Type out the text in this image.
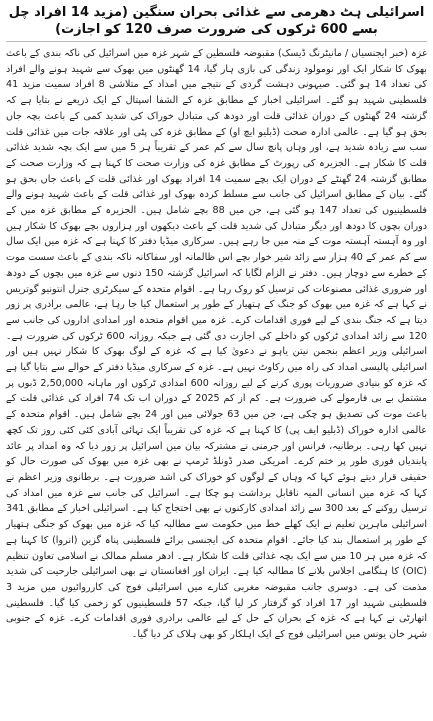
اسرائیلی ہٹ دھرمی سے غذائی بحران سنگین (مزید 14 افراد چل بسے 600 ٹرکوں کی ضرورت صرف 120 کو اجازت)

غزہ (خبر ایجنسیاں / مانیٹرنگ ڈیسک) مقبوضہ فلسطین کے شہر غزہ میں اسرائیل کی ناکہ بندی کے باعث بھوک کا شکار ایک اور نومولود زندگی کی بازی ہار گیا، 14 گھنٹوں میں بھوک سے شہید ہونے والے افراد کی تعداد 14 ہو گئی۔ صیہونی دہشت گردی کے نتیجے میں امداد کے متلاشی 8 افراد سمیت مزید 41 فلسطینی شہید ہو گئے۔ اسرائیلی اخبار کے مطابق غزہ کے الشفا اسپتال کے ایک ذریعے نے بتایا ہے کہ گزشتہ 24 گھنٹوں کے دوران غذائی قلت اور دودھ کی متبادل خوراک کی شدید کمی کے باعث بچہ جاں بحق ہو گیا ہے۔ عالمی ادارہ صحت (ڈبلیو ایچ او) کے مطابق غزہ کی پٹی اور علاقہ جات میں غذائی قلت سب سے زیادہ شدید ہے، اور وہاں پانچ سال سے کم عمر کے تقریباً ہر 5 میں سے ایک بچہ شدید غذائی قلت کا شکار ہے۔ الجزیرہ کی رپورٹ کے مطابق غزہ کی وزارت صحت کا کہنا ہے کہ وزارت صحت کے مطابق گزشتہ 24 گھنٹے کے دوران ایک بچے سمیت 14 افراد بھوک اور غذائی قلت کے باعث جاں بحق ہو گئے۔ بیان کے مطابق اسرائیل کی جانب سے مسلط کردہ بھوک اور غذائی قلت کے باعث شہید ہونے والے فلسطینیوں کی تعداد 147 ہو گئی ہے، جن میں 88 بچے شامل ہیں۔ الجزیرہ کے مطابق غزہ میں کے دوران بچوں کا دودھ اور دیگر متبادل کی شدید قلت کے باعث دیکھوں اور ہزاروں بچے بھوک کا شکار ہیں اور وہ آہستہ آہستہ موت کے منہ میں جا رہے ہیں۔ سرکاری میڈیا دفتر کا کہنا ہے کہ غزہ میں ایک سال سے کم عمر کے 40 ہزار سے زائد شیر خوار بچے اس ظالمانہ اور سفاکانہ ناکہ بندی کے باعث سست موت کے خطرے سے دوچار ہیں۔ دفتر نے الزام لگایا کہ اسرائیل گزشتہ 150 دنوں سے غزہ میں بچوں کے دودھ اور ضروری غذائی مصنوعات کی ترسیل کو روک رہا ہے۔ اقوام متحدہ کے سیکرٹری جنرل انتونیو گوتریس نے کہا ہے کہ غزہ میں بھوک کو جنگ کے ہتھیار کے طور پر استعمال کیا جا رہا ہے، عالمی برادری پر زور دیتا ہے کہ جنگ بندی کے لیے فوری اقدامات کرے۔ غزہ میں اقوام متحدہ اور امدادی اداروں کی جانب سے 120 سے زائد امدادی ٹرکوں کو داخلے کی اجازت دی گئی ہے جبکہ روزانہ 600 ٹرکوں کی ضرورت ہے۔ اسرائیلی وزیر اعظم بنجمن نیتن یاہو نے دعویٰ کیا ہے کہ غزہ کے لوگ بھوک کا شکار نہیں ہیں اور اسرائیلی پالیسی امداد کی راہ میں رکاوٹ نہیں ہے۔ غزہ کے سرکاری میڈیا دفتر کے حوالے سے بتایا گیا ہے کہ غزہ کو بنیادی ضروریات پوری کرنے کے لیے روزانہ 600 امدادی ٹرکوں اور ماہانہ 2,50,000 ڈبوں پر مشتمل بے بی فارمولے کی ضرورت ہے۔ کم از کم 2025 کے دوران اب تک 74 افراد کی غذائی قلت کے باعث موت کی تصدیق ہو چکی ہے، جن میں 63 جولائی میں اور 24 بچے شامل ہیں۔ اقوام متحدہ کے عالمی ادارہ خوراک (ڈبلیو ایف پی) کا کہنا ہے کہ غزہ کی تقریباً ایک تہائی آبادی کئی کئی روز تک کچھ نہیں کھا رہی۔ برطانیہ، فرانس اور جرمنی نے مشترکہ بیان میں اسرائیل پر زور دیا کہ وہ امداد پر عائد پابندیاں فوری طور پر ختم کرے۔ امریکی صدر ڈونلڈ ٹرمپ نے بھی غزہ میں بھوک کی صورت حال کو حقیقی قرار دیتے ہوئے کہا کہ وہاں کے لوگوں کو خوراک کی اشد ضرورت ہے۔ برطانوی وزیر اعظم نے کہا کہ غزہ میں انسانی المیہ ناقابل برداشت ہو چکا ہے۔ اسرائیل کی جانب سے غزہ میں امداد کی ترسیل روکنے کے بعد 300 سے زائد امدادی کارکنوں نے بھی احتجاج کیا ہے۔ اسرائیلی اخبار کے مطابق 341 اسرائیلی ماہرین تعلیم نے ایک کھلے خط میں حکومت سے مطالبہ کیا کہ غزہ میں بھوک کو جنگی ہتھیار کے طور پر استعمال بند کیا جائے۔ اقوام متحدہ کی ایجنسی برائے فلسطینی پناہ گزین (انروا) کا کہنا ہے کہ غزہ میں ہر 10 میں سے ایک بچہ غذائی قلت کا شکار ہے۔ ادھر مسلم ممالک نے اسلامی تعاون تنظیم (OIC) کا ہنگامی اجلاس بلانے کا مطالبہ کیا ہے۔ ایران اور افغانستان نے بھی اسرائیلی جارحیت کی شدید مذمت کی ہے۔ دوسری جانب مقبوضہ مغربی کنارے میں اسرائیلی فوج کی کارروائیوں میں مزید 3 فلسطینی شہید اور 17 افراد کو گرفتار کر لیا گیا، جبکہ 57 فلسطینیوں کو زخمی کیا گیا۔ فلسطینی اتھارٹی نے کہا ہے کہ غزہ کے بحران کے حل کے لیے عالمی برادری فوری اقدامات کرے۔ غزہ کے جنوبی شہر خان یونس میں اسرائیلی فوج کے ایک اہلکار کو بھی ہلاک کر دیا گیا۔
